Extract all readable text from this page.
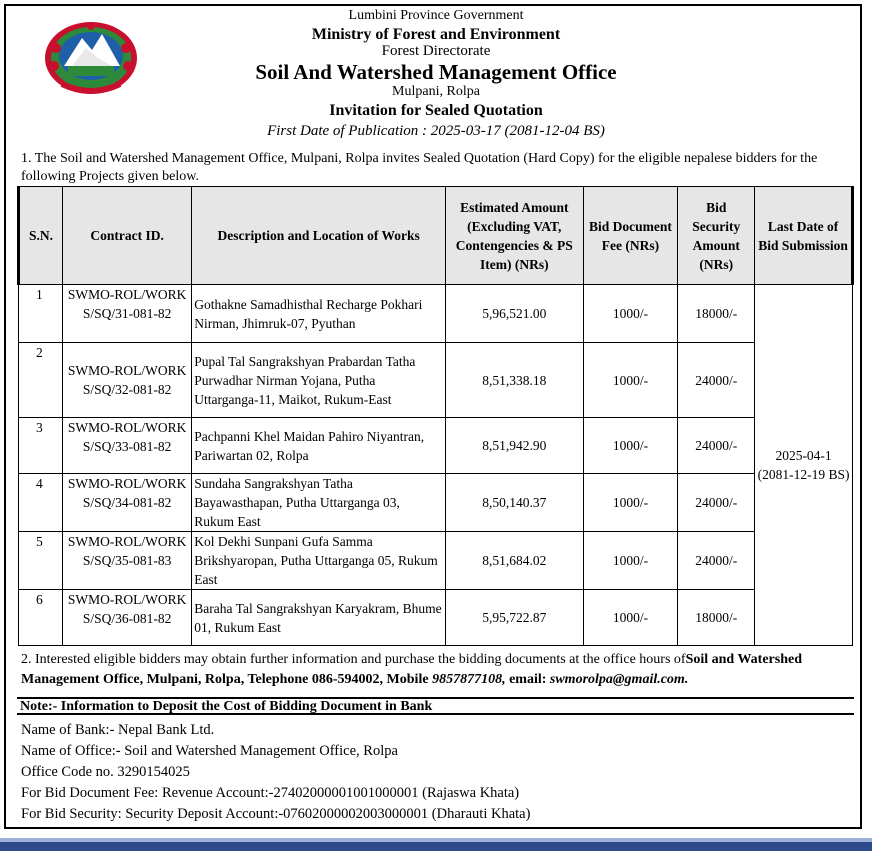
Lumbini Province Government
Ministry of Forest and Environment
Forest Directorate
Soil And Watershed Management Office
Mulpani, Rolpa
Invitation for Sealed Quotation
First Date of Publication : 2025-03-17 (2081-12-04 BS)
1. The Soil and Watershed Management Office, Mulpani, Rolpa invites Sealed Quotation (Hard Copy) for the eligible nepalese bidders for the following Projects given below.
S.N.	Contract ID.	Description and Location of Works	Estimated Amount (Excluding VAT, Contengencies & PS Item) (NRs)	Bid Document Fee (NRs)	Bid Security Amount (NRs)	Last Date of Bid Submission
1	SWMO-ROL/WORKS/SQ/31-081-82	Gothakne Samadhisthal Recharge Pokhari Nirman, Jhimruk-07, Pyuthan	5,96,521.00	1000/-	18000/-	2025-04-1 (2081-12-19 BS)
2	SWMO-ROL/WORKS/SQ/32-081-82	Pupal Tal Sangrakshyan Prabardan Tatha Purwadhar Nirman Yojana, Putha Uttarganga-11, Maikot, Rukum-East	8,51,338.18	1000/-	24000/-	
3	SWMO-ROL/WORKS/SQ/33-081-82	Pachpanni Khel Maidan Pahiro Niyantran, Pariwartan 02, Rolpa	8,51,942.90	1000/-	24000/-	
4	SWMO-ROL/WORKS/SQ/34-081-82	Sundaha Sangrakshyan Tatha Bayawasthapan, Putha Uttarganga 03, Rukum East	8,50,140.37	1000/-	24000/-	
5	SWMO-ROL/WORKS/SQ/35-081-83	Kol Dekhi Sunpani Gufa Samma Brikshyaropan, Putha Uttarganga 05, Rukum East	8,51,684.02	1000/-	24000/-	
6	SWMO-ROL/WORKS/SQ/36-081-82	Baraha Tal Sangrakshyan Karyakram, Bhume 01, Rukum East	5,95,722.87	1000/-	18000/-	
2. Interested eligible bidders may obtain further information and purchase the bidding documents at the office hours ofSoil and Watershed Management Office, Mulpani, Rolpa, Telephone 086-594002, Mobile 9857877108, email: swmorolpa@gmail.com.
Note:- Information to Deposit the Cost of Bidding Document in Bank
Name of Bank:- Nepal Bank Ltd.
Name of Office:- Soil and Watershed Management Office, Rolpa
Office Code no. 3290154025
For Bid Document Fee: Revenue Account:-27402000001001000001 (Rajaswa Khata)
For Bid Security: Security Deposit Account:-07602000002003000001 (Dharauti Khata)
